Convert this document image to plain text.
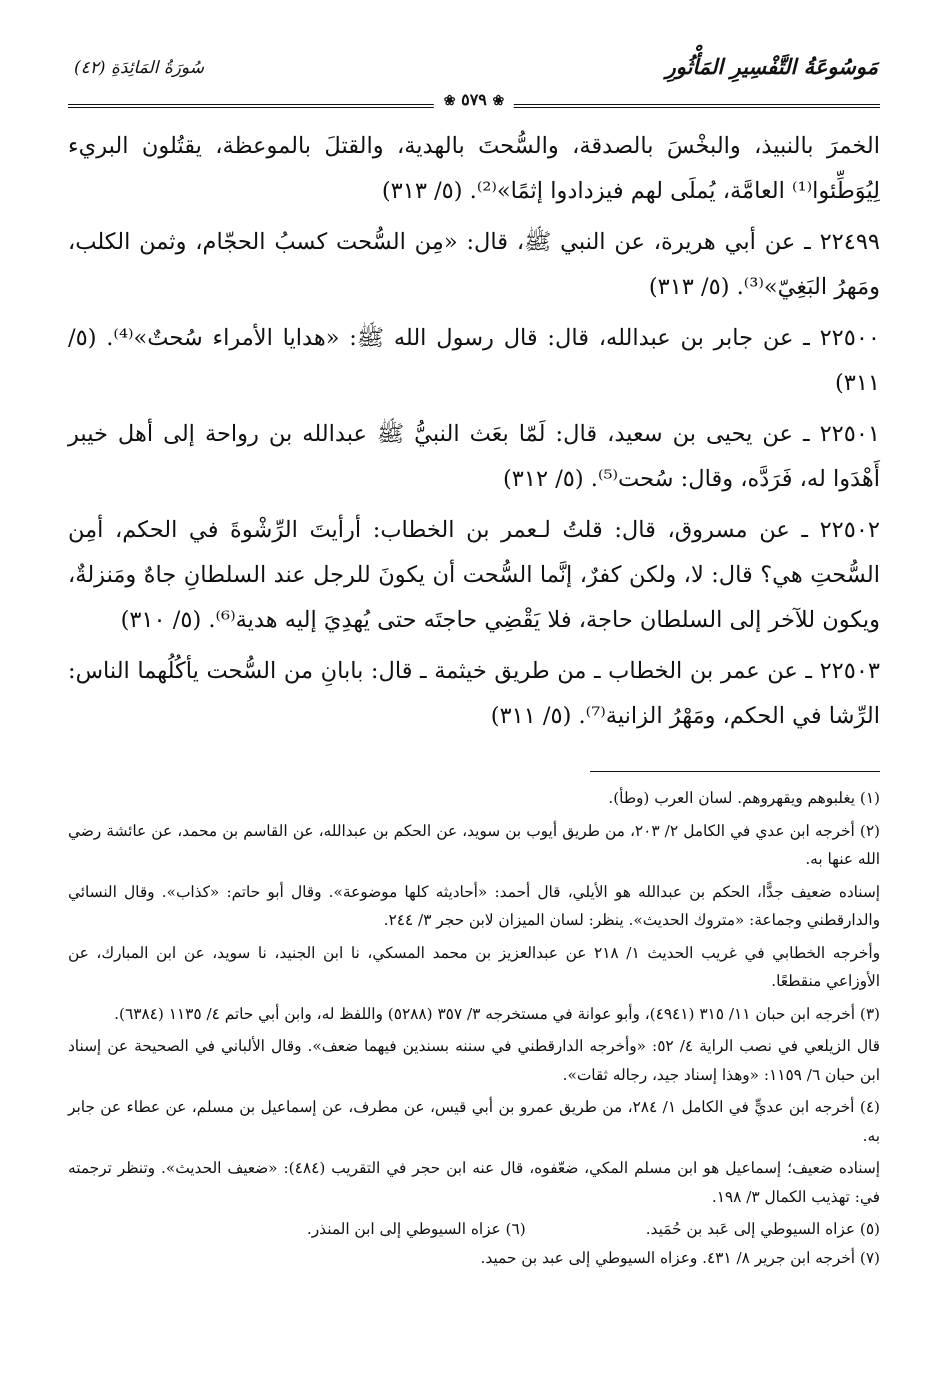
مَوسُوعَةُ التَّفْسِيرِ المَأْثُورِ
سُورَةُ المَائِدَةِ (٤٢)
❀ ٥٧٩ ❀

الخمرَ بالنبيذ، والبخْسَ بالصدقة، والسُّحتَ بالهدية، والقتلَ بالموعظة، يقتُلون البريء لِيُوَطِّئوا⁽¹⁾ العامَّة، يُملَى لهم فيزدادوا إثمًا»⁽²⁾. (٥/ ٣١٣)

٢٢٤٩٩ ـ عن أبي هريرة، عن النبي ﷺ، قال: «مِن السُّحت كسبُ الحجّام، وثمن الكلب، ومَهرُ البَغِيّ»⁽³⁾. (٥/ ٣١٣)

٢٢٥٠٠ ـ عن جابر بن عبدالله، قال: قال رسول الله ﷺ: «هدايا الأمراء سُحتٌ»⁽⁴⁾. (٥/ ٣١١)

٢٢٥٠١ ـ عن يحيى بن سعيد، قال: لَمّا بعَث النبيُّ ﷺ عبدالله بن رواحة إلى أهل خيبر أَهْدَوا له، فَرَدَّه، وقال: سُحت⁽⁵⁾. (٥/ ٣١٢)

٢٢٥٠٢ ـ عن مسروق، قال: قلتُ لـعمر بن الخطاب: أرأيتَ الرِّشْوةَ في الحكم، أمِن السُّحتِ هي؟ قال: لا، ولكن كفرٌ، إنَّما السُّحت أن يكونَ للرجل عند السلطانِ جاهٌ ومَنزلةٌ، ويكون للآخر إلى السلطان حاجة، فلا يَقْضِي حاجتَه حتى يُهدِيَ إليه هدية⁽⁶⁾. (٥/ ٣١٠)

٢٢٥٠٣ ـ عن عمر بن الخطاب ـ من طريق خيثمة ـ قال: بابانِ من السُّحت يأكُلُهما الناس: الرِّشا في الحكم، ومَهْرُ الزانية⁽⁷⁾. (٥/ ٣١١)

(١) يغلبوهم ويقهروهم. لسان العرب (وطأ).

(٢) أخرجه ابن عدي في الكامل ٢/ ٢٠٣، من طريق أيوب بن سويد، عن الحكم بن عبدالله، عن القاسم بن محمد، عن عائشة رضي الله عنها به.

إسناده ضعيف جدًّا، الحكم بن عبدالله هو الأيلي، قال أحمد: «أحاديثه كلها موضوعة». وقال أبو حاتم: «كذاب». وقال النسائي والدارقطني وجماعة: «متروك الحديث». ينظر: لسان الميزان لابن حجر ٣/ ٢٤٤.

وأخرجه الخطابي في غريب الحديث ١/ ٢١٨ عن عبدالعزيز بن محمد المسكي، نا ابن الجنيد، نا سويد، عن ابن المبارك، عن الأوزاعي منقطعًا.

(٣) أخرجه ابن حبان ١١/ ٣١٥ (٤٩٤١)، وأبو عوانة في مستخرجه ٣/ ٣٥٧ (٥٢٨٨) واللفظ له، وابن أبي حاتم ٤/ ١١٣٥ (٦٣٨٤).

قال الزيلعي في نصب الراية ٤/ ٥٢: «وأخرجه الدارقطني في سننه بسندين فيهما ضعف». وقال الألباني في الصحيحة عن إسناد ابن حبان ٦/ ١١٥٩: «وهذا إسناد جيد، رجاله ثقات».

(٤) أخرجه ابن عديٍّ في الكامل ١/ ٢٨٤، من طريق عمرو بن أبي قيس، عن مطرف، عن إسماعيل بن مسلم، عن عطاء عن جابر به.

إسناده ضعيف؛ إسماعيل هو ابن مسلم المكي، ضعّفوه، قال عنه ابن حجر في التقريب (٤٨٤): «ضعيف الحديث». وتنظر ترجمته في: تهذيب الكمال ٣/ ١٩٨.

(٥) عزاه السيوطي إلى عَبد بن حُمَيد.
(٦) عزاه السيوطي إلى ابن المنذر.

(٧) أخرجه ابن جرير ٨/ ٤٣١. وعزاه السيوطي إلى عبد بن حميد.
